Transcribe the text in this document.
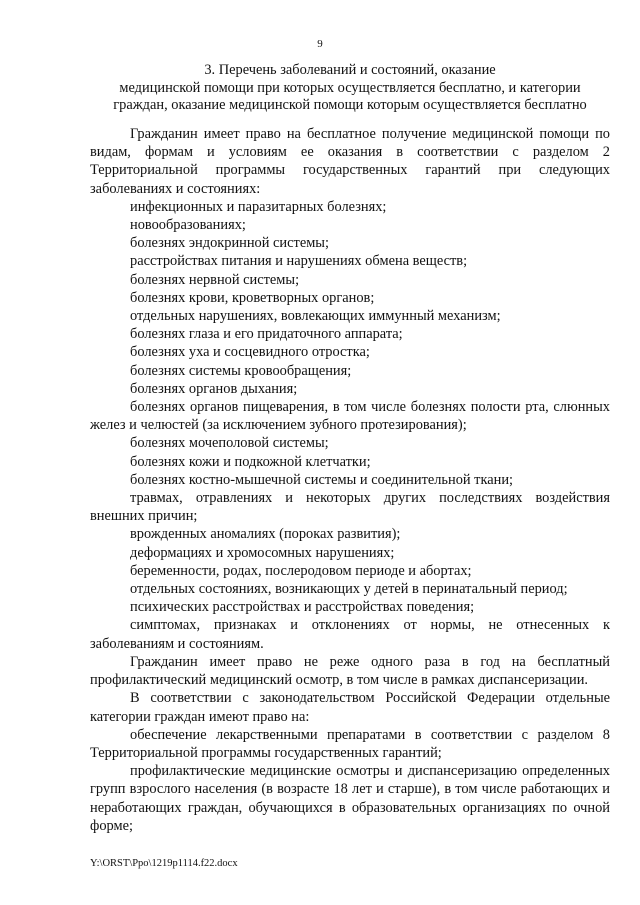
9
3. Перечень заболеваний и состояний, оказание
медицинской помощи при которых осуществляется бесплатно, и категории
граждан, оказание медицинской помощи которым осуществляется бесплатно

Гражданин имеет право на бесплатное получение медицинской помощи по видам, формам и условиям ее оказания в соответствии с разделом 2 Территориальной программы государственных гарантий при следующих заболеваниях и состояниях:

инфекционных и паразитарных болезнях;

новообразованиях;

болезнях эндокринной системы;

расстройствах питания и нарушениях обмена веществ;

болезнях нервной системы;

болезнях крови, кроветворных органов;

отдельных нарушениях, вовлекающих иммунный механизм;

болезнях глаза и его придаточного аппарата;

болезнях уха и сосцевидного отростка;

болезнях системы кровообращения;

болезнях органов дыхания;

болезнях органов пищеварения, в том числе болезнях полости рта, слюнных желез и челюстей (за исключением зубного протезирования);

болезнях мочеполовой системы;

болезнях кожи и подкожной клетчатки;

болезнях костно-мышечной системы и соединительной ткани;

травмах, отравлениях и некоторых других последствиях воздействия внешних причин;

врожденных аномалиях (пороках развития);

деформациях и хромосомных нарушениях;

беременности, родах, послеродовом периоде и абортах;

отдельных состояниях, возникающих у детей в перинатальный период;

психических расстройствах и расстройствах поведения;

симптомах, признаках и отклонениях от нормы, не отнесенных к заболеваниям и состояниям.

Гражданин имеет право не реже одного раза в год на бесплатный профилактический медицинский осмотр, в том числе в рамках диспансеризации.

В соответствии с законодательством Российской Федерации отдельные категории граждан имеют право на:

обеспечение лекарственными препаратами в соответствии с разделом 8 Территориальной программы государственных гарантий;

профилактические медицинские осмотры и диспансеризацию определенных групп взрослого населения (в возрасте 18 лет и старше), в том числе работающих и неработающих граждан, обучающихся в образовательных организациях по очной форме;

Y:\ORST\Ppo\1219p1114.f22.docx
